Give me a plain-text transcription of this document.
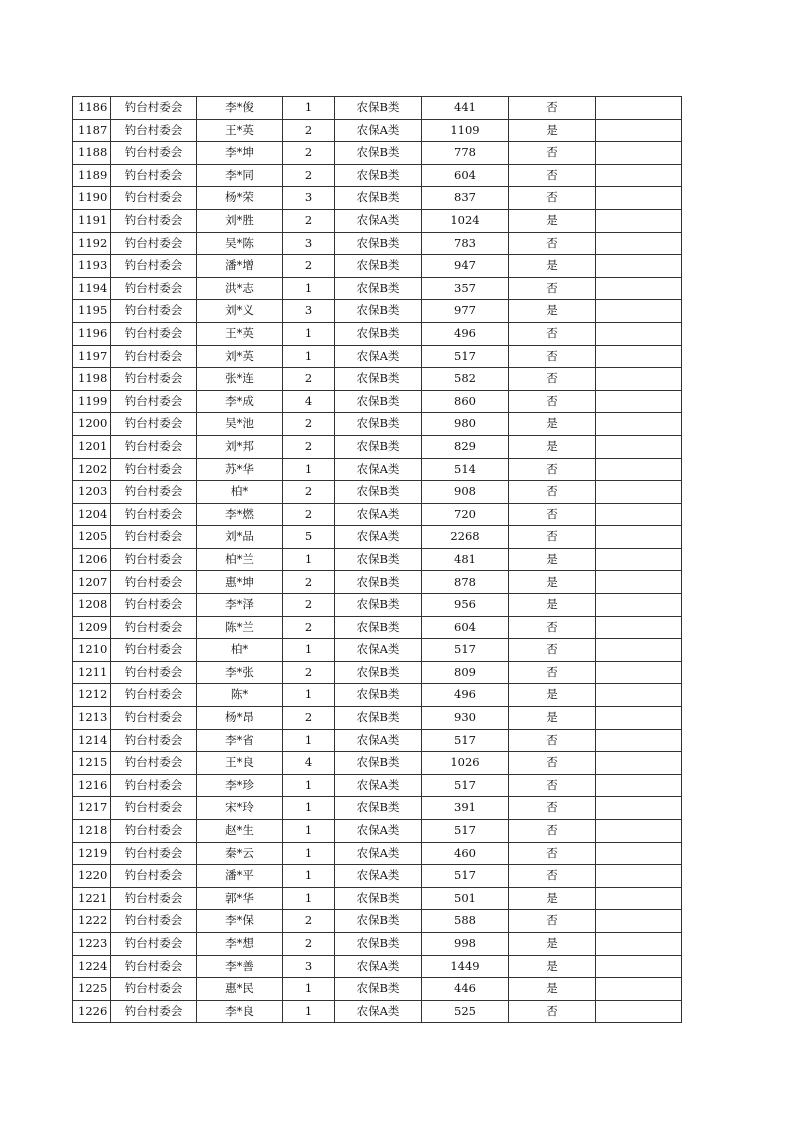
1186	钓台村委会	李*俊	1	农保B类	441	否	
1187	钓台村委会	王*英	2	农保A类	1109	是	
1188	钓台村委会	李*坤	2	农保B类	778	否	
1189	钓台村委会	李*同	2	农保B类	604	否	
1190	钓台村委会	杨*荣	3	农保B类	837	否	
1191	钓台村委会	刘*胜	2	农保A类	1024	是	
1192	钓台村委会	吴*陈	3	农保B类	783	否	
1193	钓台村委会	潘*增	2	农保B类	947	是	
1194	钓台村委会	洪*志	1	农保B类	357	否	
1195	钓台村委会	刘*义	3	农保B类	977	是	
1196	钓台村委会	王*英	1	农保B类	496	否	
1197	钓台村委会	刘*英	1	农保A类	517	否	
1198	钓台村委会	张*连	2	农保B类	582	否	
1199	钓台村委会	李*成	4	农保B类	860	否	
1200	钓台村委会	吴*池	2	农保B类	980	是	
1201	钓台村委会	刘*邦	2	农保B类	829	是	
1202	钓台村委会	苏*华	1	农保A类	514	否	
1203	钓台村委会	柏*	2	农保B类	908	否	
1204	钓台村委会	李*燃	2	农保A类	720	否	
1205	钓台村委会	刘*品	5	农保A类	2268	否	
1206	钓台村委会	柏*兰	1	农保B类	481	是	
1207	钓台村委会	惠*坤	2	农保B类	878	是	
1208	钓台村委会	李*泽	2	农保B类	956	是	
1209	钓台村委会	陈*兰	2	农保B类	604	否	
1210	钓台村委会	柏*	1	农保A类	517	否	
1211	钓台村委会	李*张	2	农保B类	809	否	
1212	钓台村委会	陈*	1	农保B类	496	是	
1213	钓台村委会	杨*昂	2	农保B类	930	是	
1214	钓台村委会	李*省	1	农保A类	517	否	
1215	钓台村委会	王*良	4	农保B类	1026	否	
1216	钓台村委会	李*珍	1	农保A类	517	否	
1217	钓台村委会	宋*玲	1	农保B类	391	否	
1218	钓台村委会	赵*生	1	农保A类	517	否	
1219	钓台村委会	秦*云	1	农保A类	460	否	
1220	钓台村委会	潘*平	1	农保A类	517	否	
1221	钓台村委会	郭*华	1	农保B类	501	是	
1222	钓台村委会	李*保	2	农保B类	588	否	
1223	钓台村委会	李*想	2	农保B类	998	是	
1224	钓台村委会	李*善	3	农保A类	1449	是	
1225	钓台村委会	惠*民	1	农保B类	446	是	
1226	钓台村委会	李*良	1	农保A类	525	否	
